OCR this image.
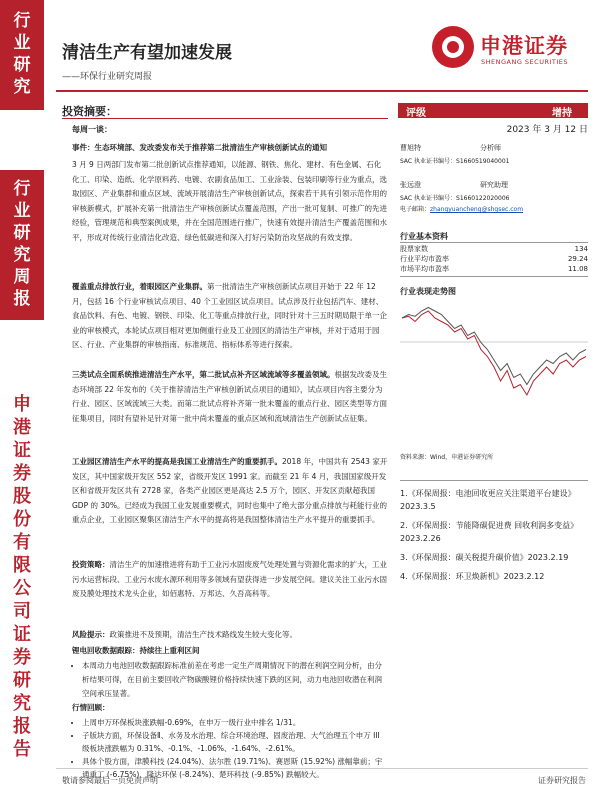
行
业
研
究
行
业
研
究
周
报
申
港
证
券
股
份
有
限
公
司
证
券
研
究
报
告
清洁生产有望加速发展
——环保行业研究周报
申港证券
SHENGANG SECURITIES
投资摘要：
每周一谈：
事件：生态环境部、发改委发布关于推荐第二批清洁生产审核创新试点的通知
3 月 9 日两部门发布第二批创新试点推荐通知，以能源、钢铁、焦化、建材、有色金属、石化化工、印染、造纸、化学原料药、电镀、农副食品加工、工业涂装、包装印刷等行业为重点，选取园区、产业集群和重点区域、流域开展清洁生产审核创新试点，探索若干具有引领示范作用的审核新模式，扩展补充第一批清洁生产审核创新试点覆盖范围，产出一批可复制、可推广的先进经验，管理规范和典型案例成果，并在全国范围进行推广，快速有效提升清洁生产覆盖范围和水平，形成对传统行业清洁化改造、绿色低碳进和深入打好污染防治攻坚战的有效支撑。
覆盖重点排放行业，着眼园区产业集群。第一批清洁生产审核创新试点项目开始于 22 年 12 月，包括 16 个行业审核试点项目、40 个工业园区试点项目。试点涉及行业包括汽车、建材、食品饮料、有色、电镀、钢铁、印染、化工等重点排放行业，同时针对十三五时期局限于单一企业的审核模式，本轮试点项目相对更加侧重行业及工业园区的清洁生产审核，并对于适用于园区、行业、产业集群的审核指南、标准规范、指标体系等进行探索。
三类试点全面系统推进清洁生产水平，第二批试点补齐区域流域等多覆盖领域。根据发改委及生态环境部 22 年发布的《关于推荐清洁生产审核创新试点项目的通知》，试点项目内容主要分为行业、园区、区域流域三大类。而第二批试点将补齐第一批未覆盖的重点行业、园区类型等方面征集项目，同时有望补足针对第一批中尚未覆盖的重点区域和流域清洁生产创新试点征集。
工业园区清洁生产水平的提高是我国工业清洁生产的重要抓手。2018 年，中国共有 2543 家开发区，其中国家级开发区 552 家，省级开发区 1991 家。而截至 21 年 4 月，我国国家级开发区和省级开发区共有 2728 家，各类产业园区更是高达 2.5 万个，园区、开发区贡献超我国 GDP 的 30%。已经成为我国工业发展重要模式，同时也集中了绝大部分重点排放与耗能行业的重点企业，工业园区聚集区清洁生产水平的提高将是我国整体清洁生产水平提升的重要抓手。
投资策略：清洁生产的加速推进将有助于工业污水固废废气处理处置与资源化需求的扩大，工业污水运营标段、工业污水废水源环利用等多领域有望获得进一步发展空间。建议关注工业污水固废及膜处理技术龙头企业，如佰惠特、万邦达、久吾高科等。
风险提示：政策推进不及预期，清洁生产技术路线发生较大变化等。
锂电回收数据跟踪：持续往上重利区间
• 本周动力电池回收数据跟踪标准前差在考虑一定生产周期情况下的潜在利润空间分析，由分析结果可得，在目前主要回收产物碳酸锂价格持续快速下跌的区间，动力电池回收潜在利润空间承压显著。
行情回顾：
• 上周申万环保板块涨跌幅-0.69%，在申万一级行业中排名 1/31。
• 子版块方面，环保设备Ⅱ、水务及水治理、综合环境治理、固废治理、大气治理五个申万 III 级板块涨跌幅为 0.31%、-0.1%、-1.06%、-1.64%、-2.61%。
• 具体个股方面，津膜科技 (24.04%)、法尔胜 (19.71%)、赛恩斯 (15.92%) 涨幅靠前；宇通重工 (-6.75%)、隆达环保 (-8.24%)、楚环科技 (-9.85%) 跌幅较大。
评级	增持
2023 年 3 月 12 日
曹旭特	分析师
SAC 执业证书编号：S1660519040001
张远澄	研究助理
SAC 执业证书编号：S1660122020006
电子邮箱：zhangyuancheng@shgsec.com
行业基本资料
股票家数	134
行业平均市盈率	29.24
市场平均市盈率	11.08
行业表现走势图
资料来源：Wind，申港证券研究所
1.《环保周报：电池回收更应关注渠道平台建设》2023.3.5
2.《环保周报：节能降碳促进费 回收利润多变益》2023.2.26
3.《环保周报：碳关税提升碳价值》2023.2.19
4.《环保周报：环卫焕新机》2023.2.12
敬请参阅最后一页免责声明	证券研究报告
